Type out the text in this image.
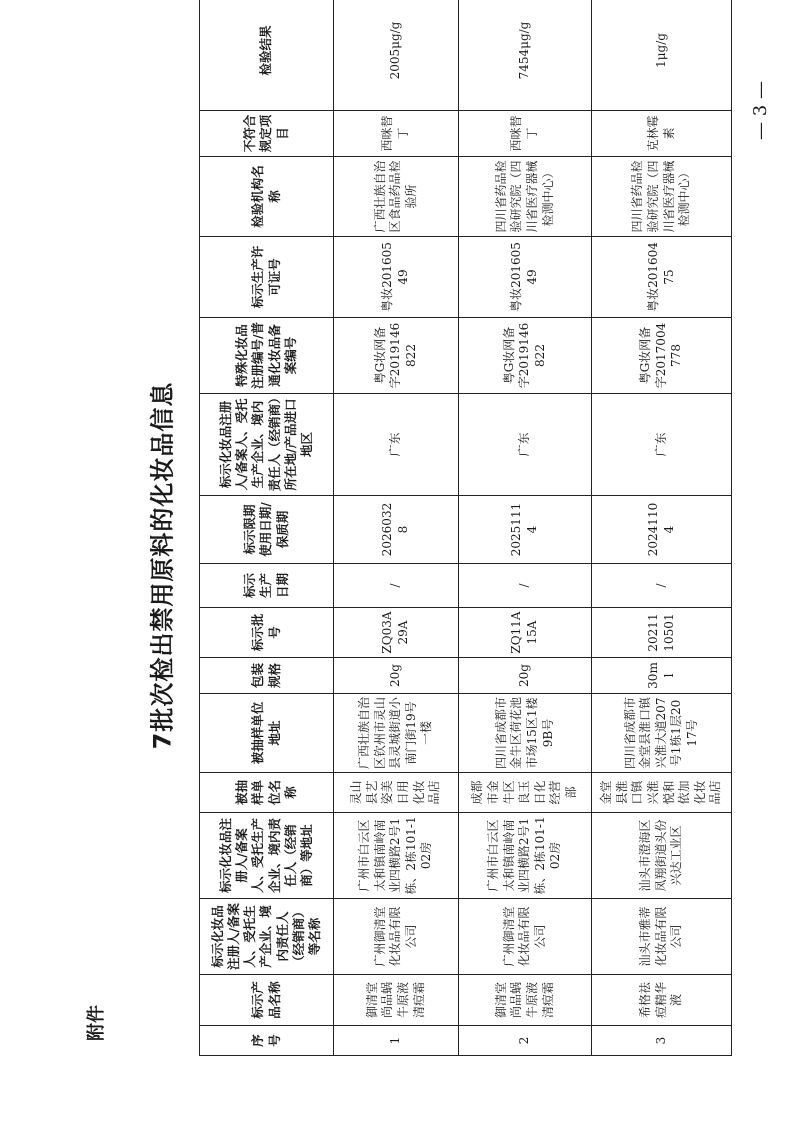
附件
— 3 —
7批次检出禁用原料的化妆品信息
序号	标示产品名称	标示化妆品注册人/备案人、受托生产企业、境内责任人（经销商）等名称	标示化妆品注册人/备案人、受托生产企业、境内责任人（经销商）等地址	被抽样单位名称	被抽样单位地址	包装规格	标示批号	标示生产日期	标示限期使用日期/保质期	标示化妆品注册人/备案人、受托生产企业、境内责任人（经销商）所在地/产品进口地区	特殊化妆品注册编号/普通化妆品备案编号	标示生产许可证号	检验机构名称	不符合规定项目	检验结果	
1	御清堂尚品蜗牛原液清痘霜	广州御清堂化妆品有限公司	广州市白云区太和镇南岭南业四横路2号1栋、2栋101-102房	灵山县艺姿美日用化妆品店	广西壮族自治区钦州市灵山县灵城街道小南门街19号一楼	20g	ZQ03A29A	/	20260328	广东	粤G妆网备字2019146822	粤妆20160549	广西壮族自治区食品药品检验所	西咪替丁	2005μg/g	
2	御清堂尚品蜗牛原液清痘霜	广州御清堂化妆品有限公司	广州市白云区太和镇南岭南业四横路2号1栋、2栋101-102房	成都市金牛区良玉日化经营部	四川省成都市金牛区荷花池市场15区1楼9B号	20g	ZQ11A15A	/	20251114	广东	粤G妆网备字2019146822	粤妆20160549	四川省药品检验研究院（四川省医疗器械检测中心）	西咪替丁	7454μg/g	
3	希格祛痘精华液	汕头市雅蒂化妆品有限公司	汕头市澄海区凤翔街道头份兴达工业区	金堂县淮口镇兴淮悦和依加化妆品店	四川省成都市金堂县淮口镇兴淮大道207号1栋1层2017号	30ml	2021110501	/	20241104	广东	粤G妆网备字2017004778	粤妆20160475	四川省药品检验研究院（四川省医疗器械检测中心）	克林霉素	1μg/g	
